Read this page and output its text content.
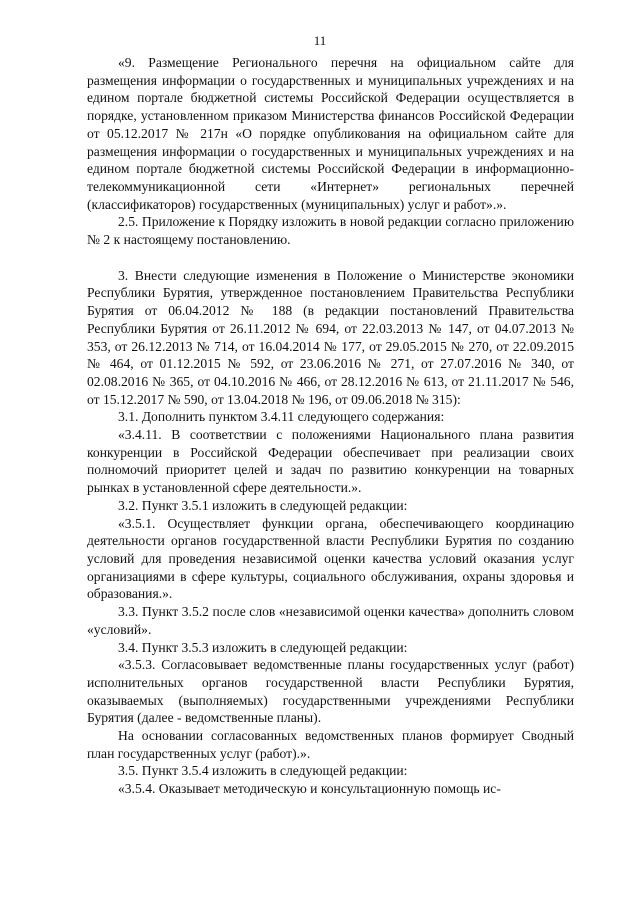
11

«9. Размещение Регионального перечня на официальном сайте для размещения информации о государственных и муниципальных учреждениях и на едином портале бюджетной системы Российской Федерации осуществляется в порядке, установленном приказом Министерства финансов Российской Федерации от 05.12.2017 № 217н «О порядке опубликования на официальном сайте для размещения информации о государственных и муниципальных учреждениях и на едином портале бюджетной системы Российской Федерации в информационно-телекоммуникационной сети «Интернет» региональных перечней (классификаторов) государственных (муниципальных) услуг и работ».».

2.5. Приложение к Порядку изложить в новой редакции согласно приложению № 2 к настоящему постановлению.

3. Внести следующие изменения в Положение о Министерстве экономики Республики Бурятия, утвержденное постановлением Правительства Республики Бурятия от 06.04.2012 № 188 (в редакции постановлений Правительства Республики Бурятия от 26.11.2012 № 694, от 22.03.2013 № 147, от 04.07.2013 № 353, от 26.12.2013 № 714, от 16.04.2014 № 177, от 29.05.2015 № 270, от 22.09.2015 № 464, от 01.12.2015 № 592, от 23.06.2016 № 271, от 27.07.2016 № 340, от 02.08.2016 № 365, от 04.10.2016 № 466, от 28.12.2016 № 613, от 21.11.2017 № 546, от 15.12.2017 № 590, от 13.04.2018 № 196, от 09.06.2018 № 315):

3.1. Дополнить пунктом 3.4.11 следующего содержания:

«3.4.11. В соответствии с положениями Национального плана развития конкуренции в Российской Федерации обеспечивает при реализации своих полномочий приоритет целей и задач по развитию конкуренции на товарных рынках в установленной сфере деятельности.».

3.2. Пункт 3.5.1 изложить в следующей редакции:

«3.5.1. Осуществляет функции органа, обеспечивающего координацию деятельности органов государственной власти Республики Бурятия по созданию условий для проведения независимой оценки качества условий оказания услуг организациями в сфере культуры, социального обслуживания, охраны здоровья и образования.».

3.3. Пункт 3.5.2 после слов «независимой оценки качества» дополнить словом «условий».

3.4. Пункт 3.5.3 изложить в следующей редакции:

«3.5.3. Согласовывает ведомственные планы государственных услуг (работ) исполнительных органов государственной власти Республики Бурятия, оказываемых (выполняемых) государственными учреждениями Республики Бурятия (далее - ведомственные планы).

На основании согласованных ведомственных планов формирует Сводный план государственных услуг (работ).».

3.5. Пункт 3.5.4 изложить в следующей редакции:

«3.5.4. Оказывает методическую и консультационную помощь ис-
